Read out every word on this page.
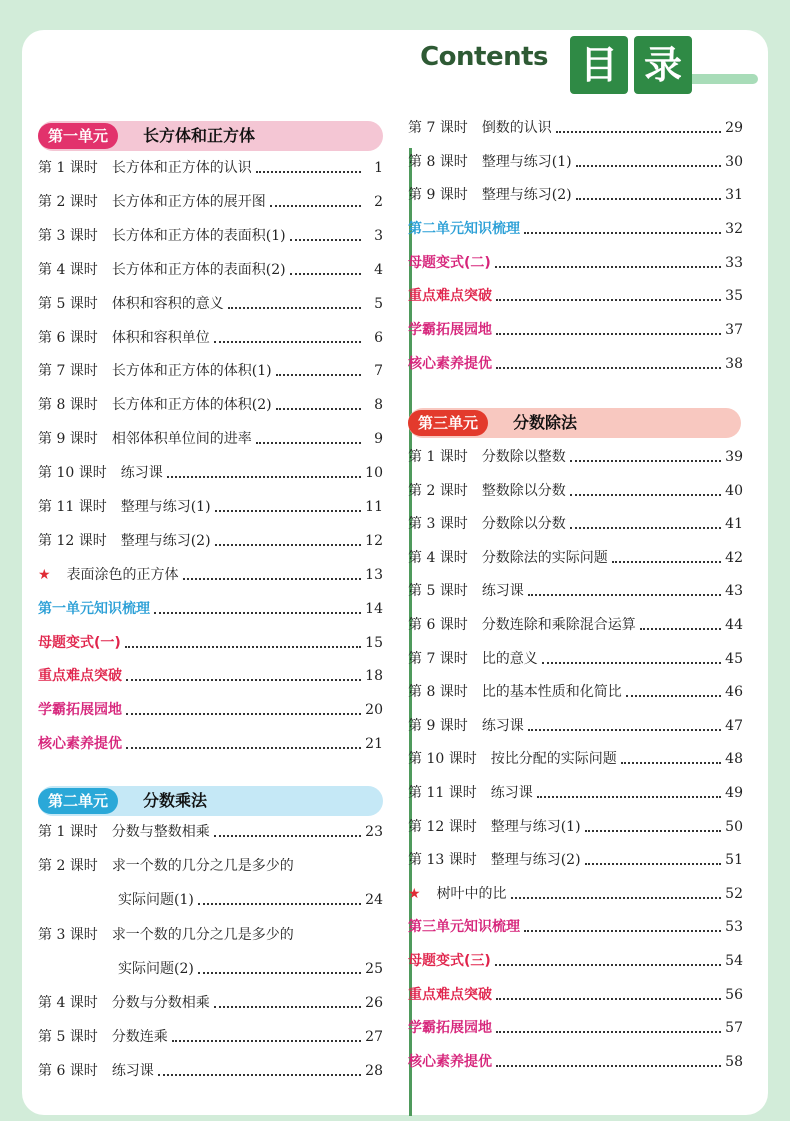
Contents 目 录
第一单元	长方体和正方体
第 1 课时 长方体和正方体的认识	1
第 2 课时 长方体和正方体的展开图	2
第 3 课时 长方体和正方体的表面积(1)	3
第 4 课时 长方体和正方体的表面积(2)	4
第 5 课时 体积和容积的意义	5
第 6 课时 体积和容积单位	6
第 7 课时 长方体和正方体的体积(1)	7
第 8 课时 长方体和正方体的体积(2)	8
第 9 课时 相邻体积单位间的进率	9
第 10 课时 练习课	10
第 11 课时 整理与练习(1)	11
第 12 课时 整理与练习(2)	12
★ 表面涂色的正方体	13
第一单元知识梳理	14
母题变式(一)	15
重点难点突破	18
学霸拓展园地	20
核心素养提优	21
第二单元	分数乘法
第 1 课时 分数与整数相乘	23
第 2 课时 求一个数的几分之几是多少的
实际问题(1)	24
第 3 课时 求一个数的几分之几是多少的
实际问题(2)	25
第 4 课时 分数与分数相乘	26
第 5 课时 分数连乘	27
第 6 课时 练习课	28
第 7 课时 倒数的认识	29
第 8 课时 整理与练习(1)	30
第 9 课时 整理与练习(2)	31
第二单元知识梳理	32
母题变式(二)	33
重点难点突破	35
学霸拓展园地	37
核心素养提优	38
第三单元	分数除法
第 1 课时 分数除以整数	39
第 2 课时 整数除以分数	40
第 3 课时 分数除以分数	41
第 4 课时 分数除法的实际问题	42
第 5 课时 练习课	43
第 6 课时 分数连除和乘除混合运算	44
第 7 课时 比的意义	45
第 8 课时 比的基本性质和化简比	46
第 9 课时 练习课	47
第 10 课时 按比分配的实际问题	48
第 11 课时 练习课	49
第 12 课时 整理与练习(1)	50
第 13 课时 整理与练习(2)	51
★ 树叶中的比	52
第三单元知识梳理	53
母题变式(三)	54
重点难点突破	56
学霸拓展园地	57
核心素养提优	58
